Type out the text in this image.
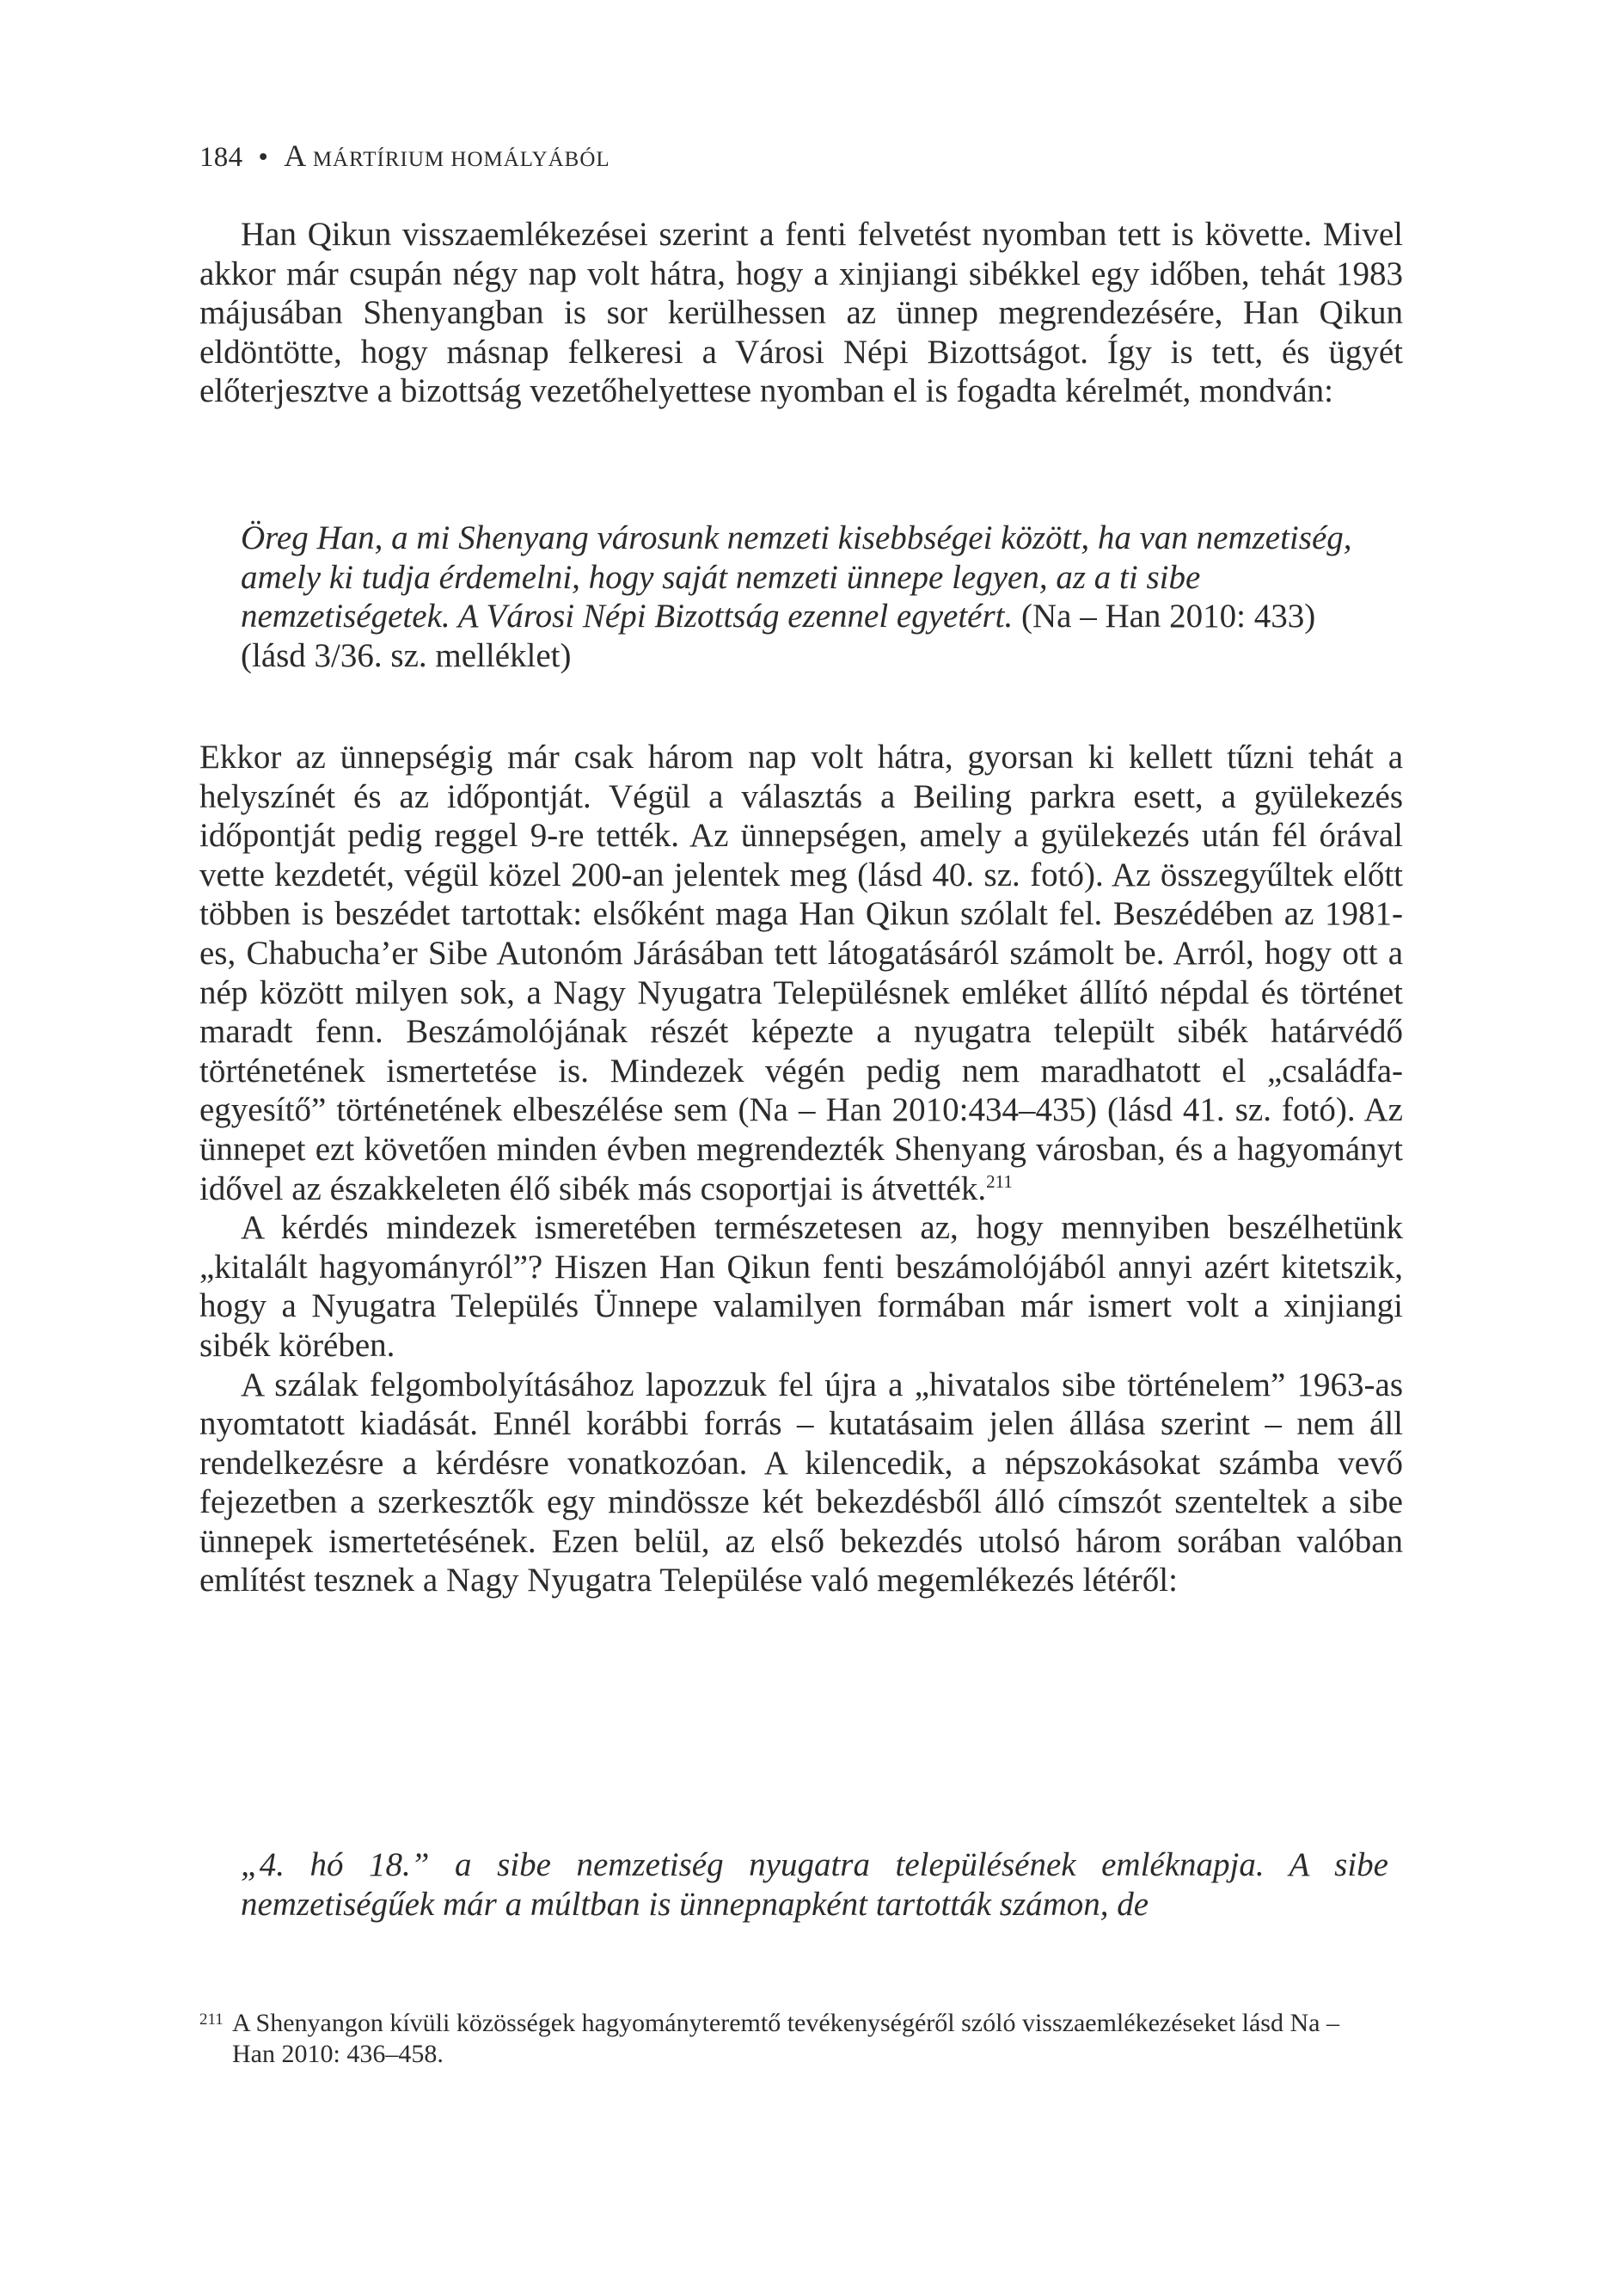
184 • A MÁRTÍRIUM HOMÁLYÁBÓL

Han Qikun visszaemlékezései szerint a fenti felvetést nyomban tett is követte. Mivel akkor már csupán négy nap volt hátra, hogy a xinjiangi sibékkel egy időben, tehát 1983 májusában Shenyangban is sor kerülhessen az ünnep megrendezésére, Han Qikun eldöntötte, hogy másnap felkeresi a Városi Népi Bizottságot. Így is tett, és ügyét előterjesztve a bizottság vezetőhelyettese nyomban el is fogadta kérelmét, mondván:

Öreg Han, a mi Shenyang városunk nemzeti kisebbségei között, ha van nemzetiség, amely ki tudja érdemelni, hogy saját nemzeti ünnepe legyen, az a ti sibe nemzetiségetek. A Városi Népi Bizottság ezennel egyetért. (Na – Han 2010: 433) (lásd 3/36. sz. melléklet)

Ekkor az ünnepségig már csak három nap volt hátra, gyorsan ki kellett tűzni tehát a helyszínét és az időpontját. Végül a választás a Beiling parkra esett, a gyülekezés időpontját pedig reggel 9-re tették. Az ünnepségen, amely a gyülekezés után fél órával vette kezdetét, végül közel 200-an jelentek meg (lásd 40. sz. fotó). Az összegyűltek előtt többen is beszédet tartottak: elsőként maga Han Qikun szólalt fel. Beszédében az 1981-es, Chabucha’er Sibe Autonóm Járásában tett látogatásáról számolt be. Arról, hogy ott a nép között milyen sok, a Nagy Nyugatra Településnek emléket állító népdal és történet maradt fenn. Beszámolójának részét képezte a nyugatra települt sibék határvédő történetének ismertetése is. Mindezek végén pedig nem maradhatott el „családfa-egyesítő” történetének elbeszélése sem (Na – Han 2010:434–435) (lásd 41. sz. fotó). Az ünnepet ezt követően minden évben megrendezték Shenyang városban, és a hagyományt idővel az északkeleten élő sibék más csoportjai is átvették.$^{211}$

A kérdés mindezek ismeretében természetesen az, hogy mennyiben beszélhetünk „kitalált hagyományról”? Hiszen Han Qikun fenti beszámolójából annyi azért kitetszik, hogy a Nyugatra Település Ünnepe valamilyen formában már ismert volt a xinjiangi sibék körében.

A szálak felgombolyításához lapozzuk fel újra a „hivatalos sibe történelem” 1963-as nyomtatott kiadását. Ennél korábbi forrás – kutatásaim jelen állása szerint – nem áll rendelkezésre a kérdésre vonatkozóan. A kilencedik, a népszokásokat számba vevő fejezetben a szerkesztők egy mindössze két bekezdésből álló címszót szenteltek a sibe ünnepek ismertetésének. Ezen belül, az első bekezdés utolsó három sorában valóban említést tesznek a Nagy Nyugatra Települése való megemlékezés létéről:

„4. hó 18.” a sibe nemzetiség nyugatra településének emléknapja. A sibe nemzetiségűek már a múltban is ünnepnapként tartották számon, de
211 A Shenyangon kívüli közösségek hagyományteremtő tevékenységéről szóló visszaemlékezéseket lásd Na – Han 2010: 436–458.
